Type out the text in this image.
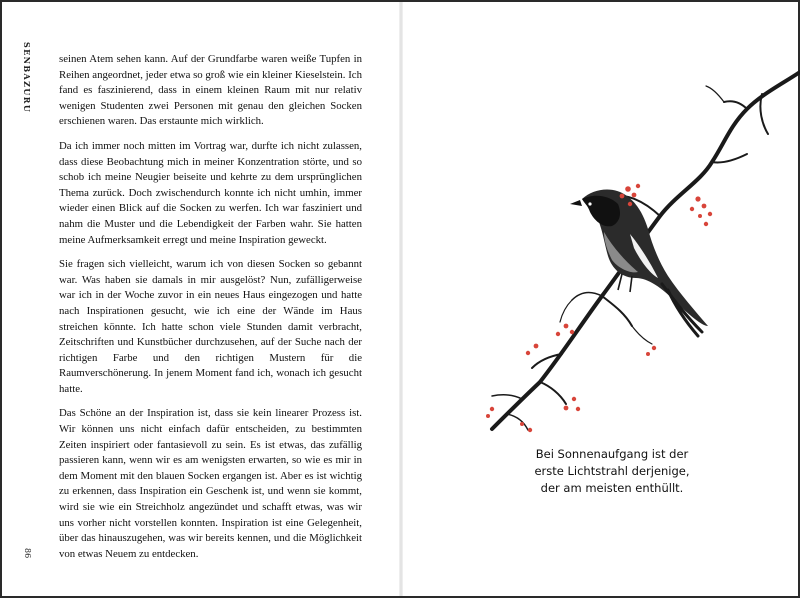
SENBAZURU
86

seinen Atem sehen kann. Auf der Grundfarbe waren weiße Tupfen in Reihen angeordnet, jeder etwa so groß wie ein kleiner Kieselstein. Ich fand es faszinierend, dass in einem kleinen Raum mit nur relativ wenigen Studenten zwei Personen mit genau den gleichen Socken erschienen waren. Das erstaunte mich wirklich.

Da ich immer noch mitten im Vortrag war, durfte ich nicht zulassen, dass diese Beobachtung mich in meiner Konzentration störte, und so schob ich meine Neugier beiseite und kehrte zu dem ursprünglichen Thema zurück. Doch zwischendurch konnte ich nicht umhin, immer wieder einen Blick auf die Socken zu werfen. Ich war fasziniert und nahm die Muster und die Lebendigkeit der Farben wahr. Sie hatten meine Aufmerksamkeit erregt und meine Inspiration geweckt.

Sie fragen sich vielleicht, warum ich von diesen Socken so gebannt war. Was haben sie damals in mir ausgelöst? Nun, zufälligerweise war ich in der Woche zuvor in ein neues Haus eingezogen und hatte nach Inspirationen gesucht, wie ich eine der Wände im Haus streichen könnte. Ich hatte schon viele Stunden damit verbracht, Zeitschriften und Kunstbücher durchzusehen, auf der Suche nach der richtigen Farbe und den richtigen Mustern für die Raumverschönerung. In jenem Moment fand ich, wonach ich gesucht hatte.

Das Schöne an der Inspiration ist, dass sie kein linearer Prozess ist. Wir können uns nicht einfach dafür entscheiden, zu bestimmten Zeiten inspiriert oder fantasievoll zu sein. Es ist etwas, das zufällig passieren kann, wenn wir es am wenigsten erwarten, so wie es mir in dem Moment mit den blauen Socken ergangen ist. Aber es ist wichtig zu erkennen, dass Inspiration ein Geschenk ist, und wenn sie kommt, wird sie wie ein Streichholz angezündet und schafft etwas, was wir uns vorher nicht vorstellen konnten. Inspiration ist eine Gelegenheit, über das hinauszugehen, was wir bereits kennen, und die Möglichkeit von etwas Neuem zu entdecken.

Bei Sonnenaufgang ist der
erste Lichtstrahl derjenige,
der am meisten enthüllt.
